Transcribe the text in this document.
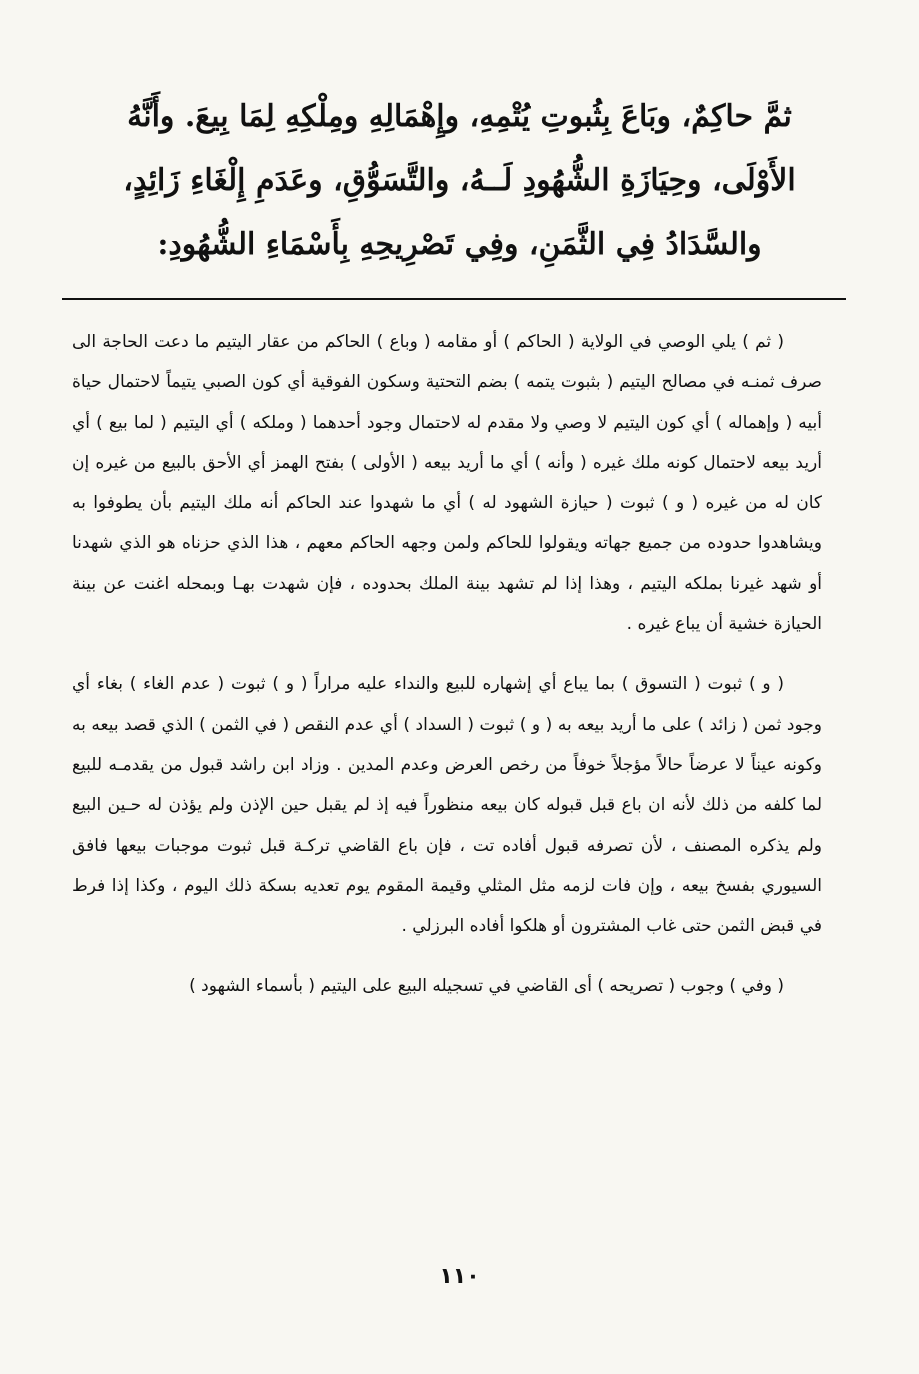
ثمَّ حاكِمٌ، وبَاعَ بِثُبوتِ يُتْمِهِ، وإِهْمَالِهِ ومِلْكِهِ لِمَا بِيعَ. وأَنَّهُ
الأَوْلَى، وحِيَازَةِ الشُّهُودِ لَــهُ، والتَّسَوُّقِ، وعَدَمِ إِلْغَاءِ زَائِدٍ،
والسَّدَادُ فِي الثَّمَنِ، وفِي تَصْرِيحِهِ بِأَسْمَاءِ الشُّهُودِ:

( ثم ) يلي الوصي في الولاية ( الحاكم ) أو مقامه ( وباع ) الحاكم من عقار اليتيم ما دعت الحاجة الى صرف ثمنـه في مصالح اليتيم ( بثبوت يتمه ) بضم التحتية وسكون الفوقية أي كون الصبي يتيماً لاحتمال حياة أبيه ( وإهماله ) أي كون اليتيم لا وصي ولا مقدم له لاحتمال وجود أحدهما ( وملكه ) أي اليتيم ( لما بيع ) أي أريد بيعه لاحتمال كونه ملك غيره ( وأنه ) أي ما أريد بيعه ( الأولى ) بفتح الهمز أي الأحق بالبيع من غيره إن كان له من غيره ( و ) ثبوت ( حيازة الشهود له ) أي ما شهدوا عند الحاكم أنه ملك اليتيم بأن يطوفوا به ويشاهدوا حدوده من جميع جهاته ويقولوا للحاكم ولمن وجهه الحاكم معهم ، هذا الذي حزناه هو الذي شهدنا أو شهد غيرنا بملكه اليتيم ، وهذا إذا لم تشهد بينة الملك بحدوده ، فإن شهدت بهـا وبمحله اغنت عن بينة الحيازة خشية أن يباع غيره .

( و ) ثبوت ( التسوق ) بما يباع أي إشهاره للبيع والنداء عليه مراراً ( و ) ثبوت ( عدم الغاء ) بغاء أي وجود ثمن ( زائد ) على ما أريد بيعه به ( و ) ثبوت ( السداد ) أي عدم النقص ( في الثمن ) الذي قصد بيعه به وكونه عيناً لا عرضاً حالاً مؤجلاً خوفاً من رخص العرض وعدم المدين . وزاد ابن راشد قبول من يقدمـه للبيع لما كلفه من ذلك لأنه ان باع قبل قبوله كان بيعه منظوراً فيه إذ لم يقبل حين الإذن ولم يؤذن له حـين البيع ولم يذكره المصنف ، لأن تصرفه قبول أفاده تت ، فإن باع القاضي تركـة قبل ثبوت موجبات بيعها فافق السيوري بفسخ بيعه ، وإن فات لزمه مثل المثلي وقيمة المقوم يوم تعديه بسكة ذلك اليوم ، وكذا إذا فرط في قبض الثمن حتى غاب المشترون أو هلكوا أفاده البرزلي .

( وفي ) وجوب ( تصريحه ) أى القاضي في تسجيله البيع على اليتيم ( بأسماء الشهود )

١١٠
